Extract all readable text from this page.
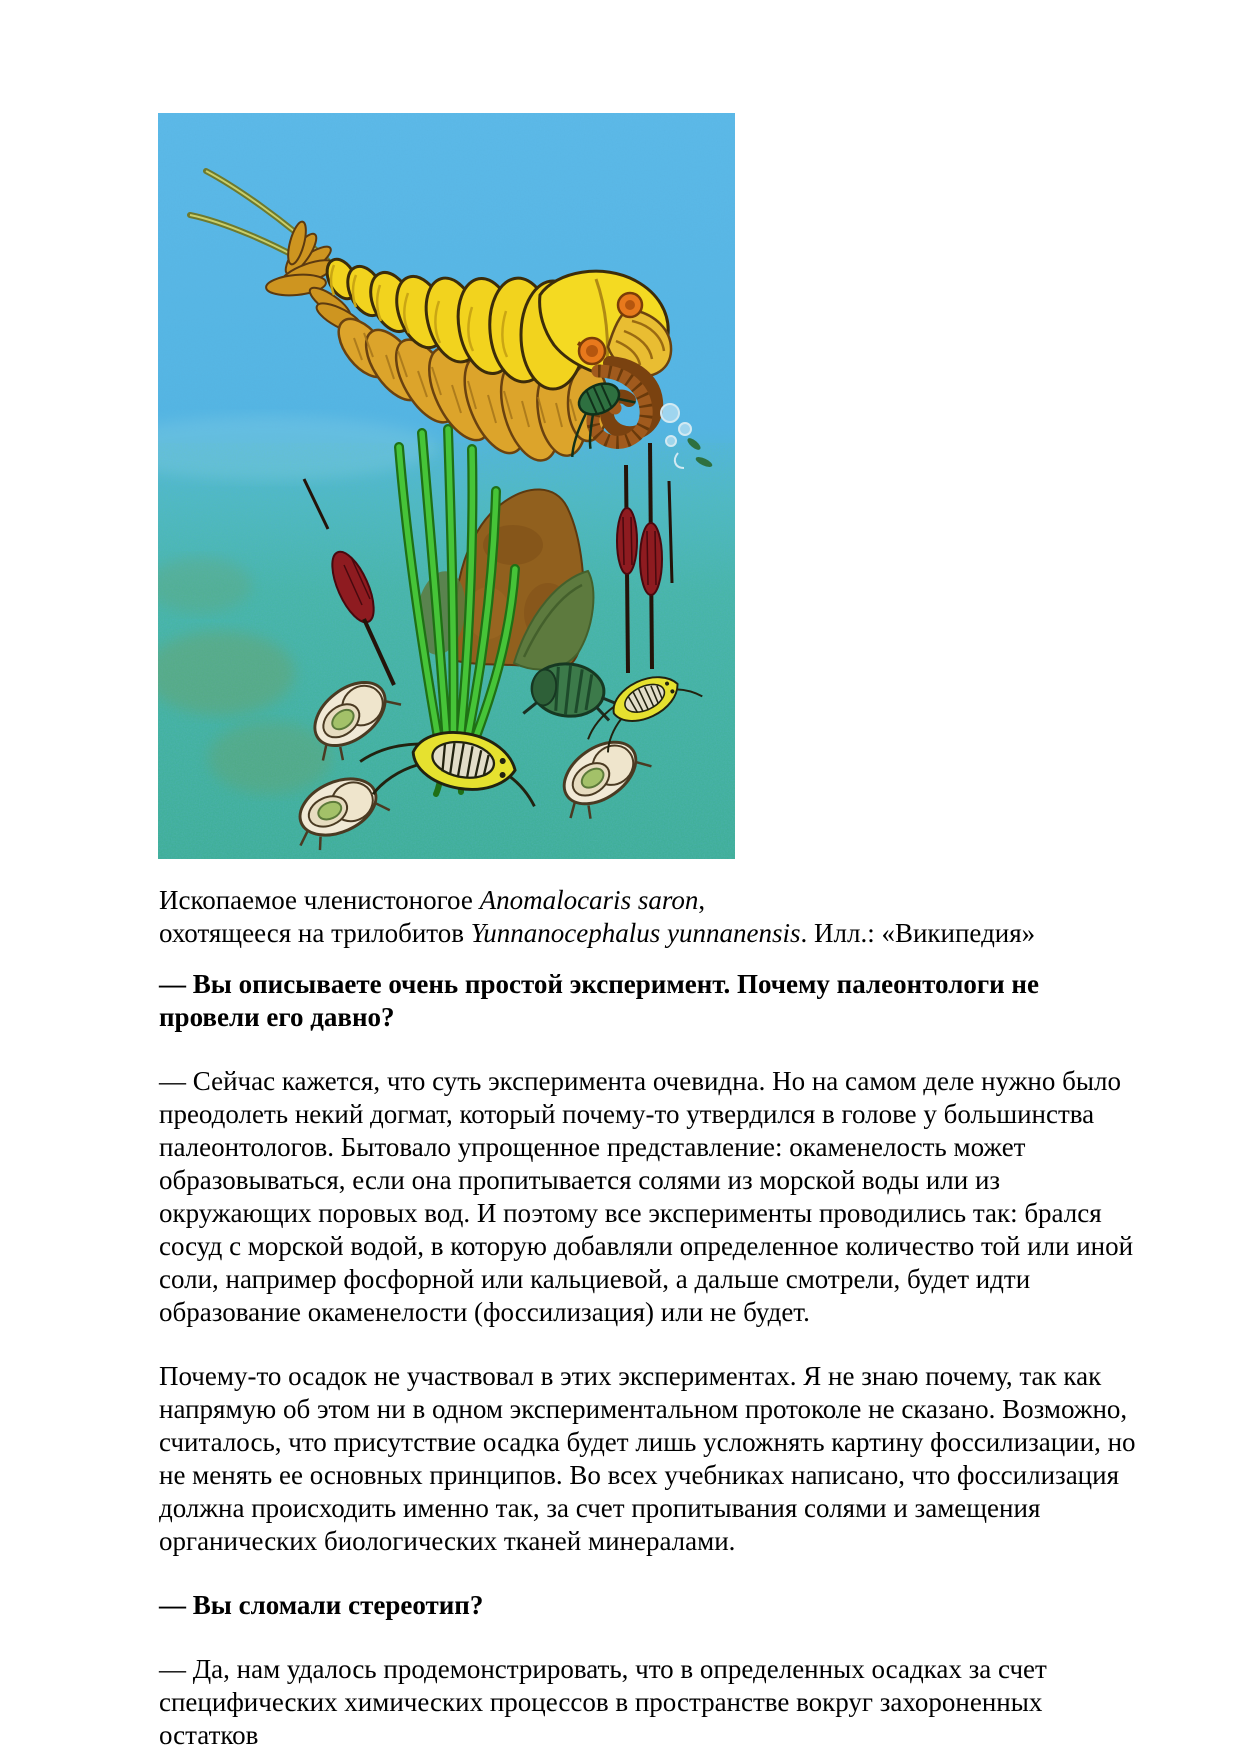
Ископаемое членистоногое Anomalocaris saron,
охотящееся на трилобитов Yunnanocephalus yunnanensis. Илл.: «Википедия»

— Вы описываете очень простой эксперимент. Почему палеонтологи не провели его давно?

— Сейчас кажется, что суть эксперимента очевидна. Но на самом деле нужно было преодолеть некий догмат, который почему-то утвердился в голове у большинства палеонтологов. Бытовало упрощенное представление: окаменелость может образовываться, если она пропитывается солями из морской воды или из окружающих поровых вод. И поэтому все эксперименты проводились так: брался сосуд с морской водой, в которую добавляли определенное количество той или иной соли, например фосфорной или кальциевой, а дальше смотрели, будет идти образование окаменелости (фоссилизация) или не будет.

Почему-то осадок не участвовал в этих экспериментах. Я не знаю почему, так как напрямую об этом ни в одном экспериментальном протоколе не сказано. Возможно, считалось, что присутствие осадка будет лишь усложнять картину фоссилизации, но не менять ее основных принципов. Во всех учебниках написано, что фоссилизация должна происходить именно так, за счет пропитывания солями и замещения органических биологических тканей минералами.

— Вы сломали стереотип?

— Да, нам удалось продемонстрировать, что в определенных осадках за счет специфических химических процессов в пространстве вокруг захороненных остатков
